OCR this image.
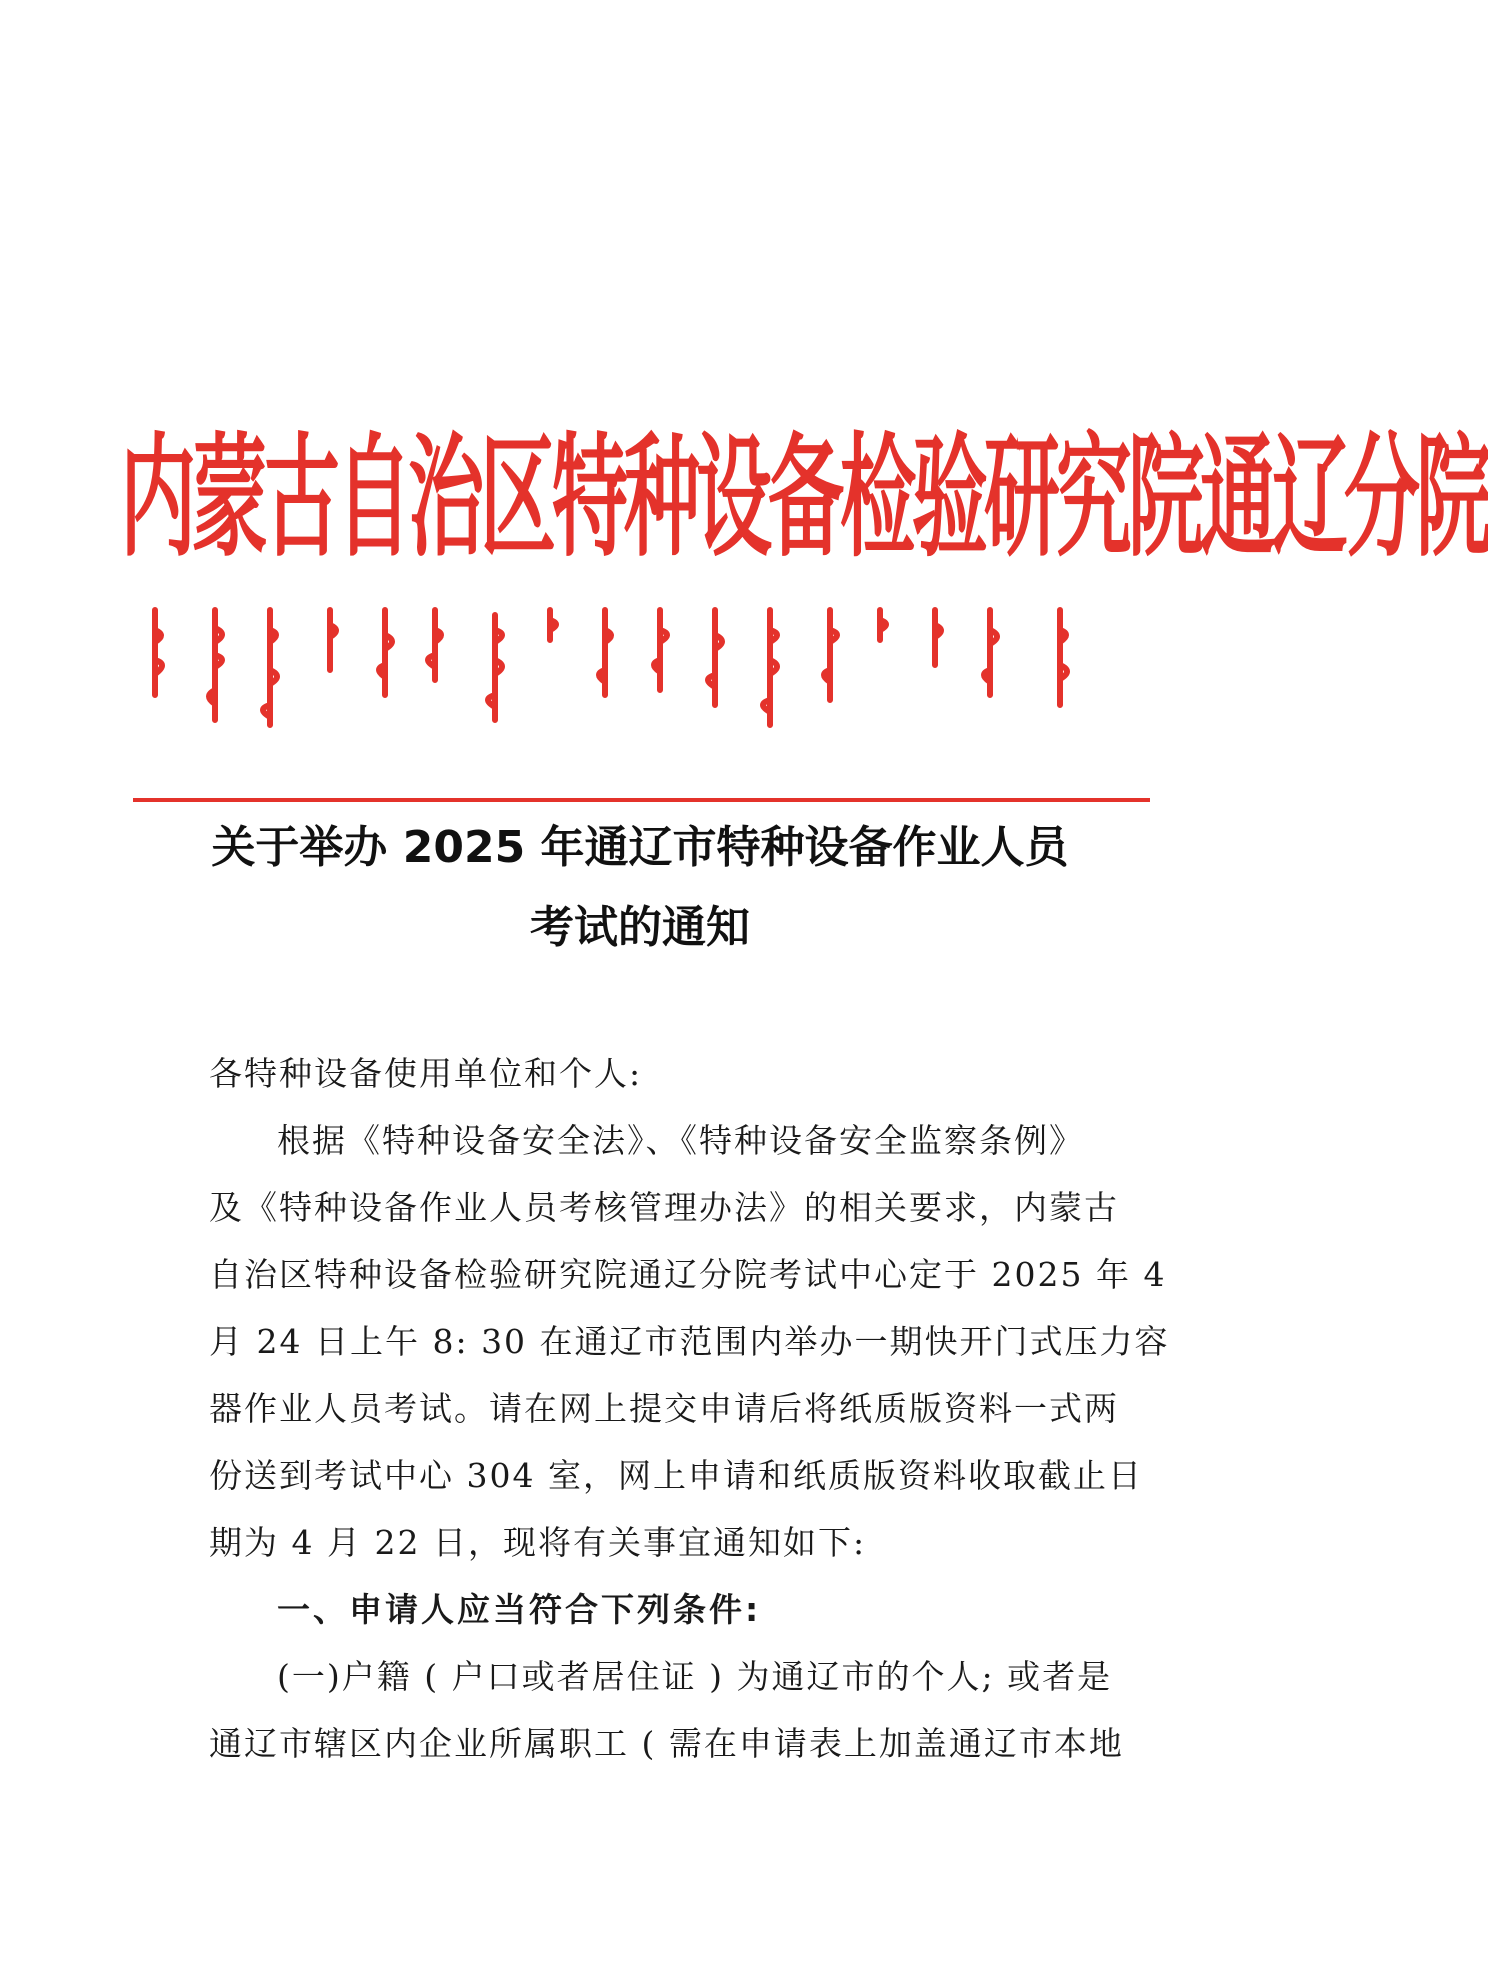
内蒙古自治区特种设备检验研究院通辽分院
关于举办 2025 年通辽市特种设备作业人员
考试的通知

各特种设备使用单位和个人:

根据《特种设备安全法》、《特种设备安全监察条例》

及《特种设备作业人员考核管理办法》的相关要求，内蒙古

自治区特种设备检验研究院通辽分院考试中心定于 2025 年 4

月 24 日上午 8: 30 在通辽市范围内举办一期快开门式压力容

器作业人员考试。请在网上提交申请后将纸质版资料一式两

份送到考试中心 304 室，网上申请和纸质版资料收取截止日

期为 4 月 22 日，现将有关事宜通知如下:

一、申请人应当符合下列条件:

(一)户籍 ( 户口或者居住证 ) 为通辽市的个人; 或者是

通辽市辖区内企业所属职工 ( 需在申请表上加盖通辽市本地
